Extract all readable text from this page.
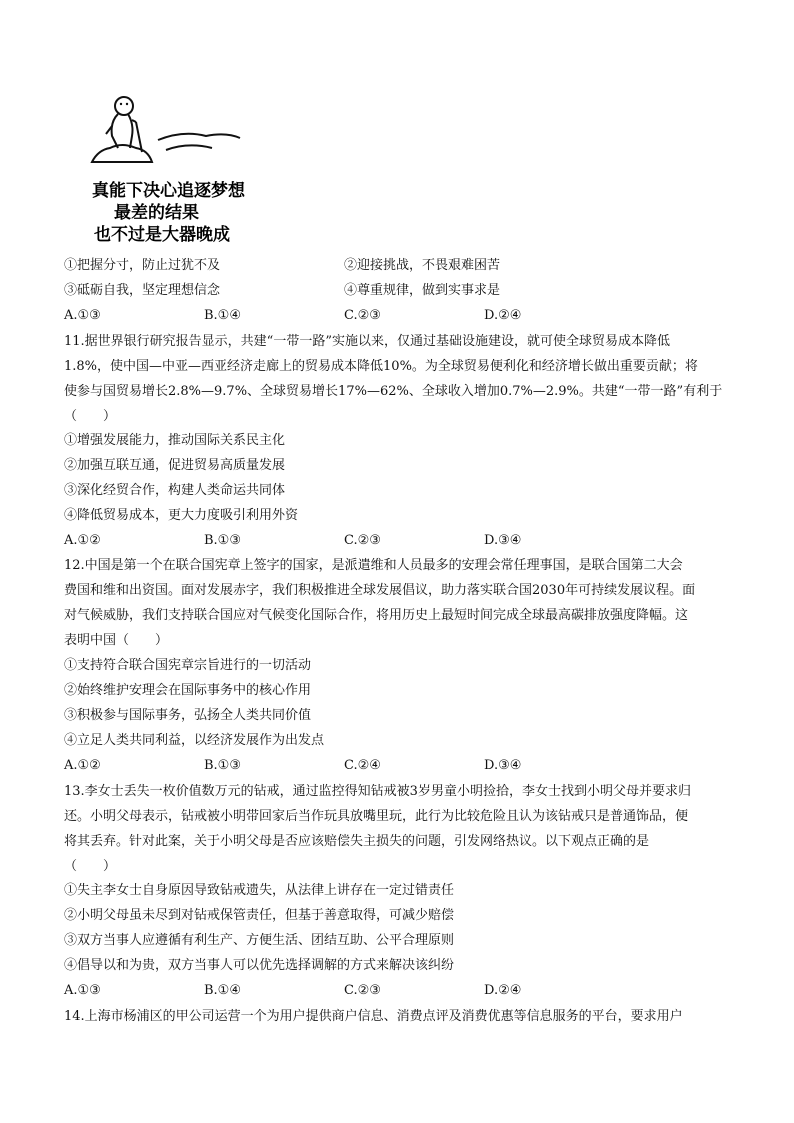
真能下决心追逐梦想
最差的结果
也不过是大器晚成
①把握分寸，防止过犹不及	②迎接挑战，不畏艰难困苦
③砥砺自我，坚定理想信念	④尊重规律，做到实事求是
A.①③	B.①④	C.②③	D.②④
11.据世界银行研究报告显示，共建“一带一路”实施以来，仅通过基础设施建设，就可使全球贸易成本降低
1.8%，使中国—中亚—西亚经济走廊上的贸易成本降低10%。为全球贸易便利化和经济增长做出重要贡献；将
使参与国贸易增长2.8%—9.7%、全球贸易增长17%—62%、全球收入增加0.7%—2.9%。共建“一带一路”有利于
（　　）
①增强发展能力，推动国际关系民主化
②加强互联互通，促进贸易高质量发展
③深化经贸合作，构建人类命运共同体
④降低贸易成本，更大力度吸引利用外资
A.①②	B.①③	C.②③	D.③④
12.中国是第一个在联合国宪章上签字的国家，是派遣维和人员最多的安理会常任理事国，是联合国第二大会
费国和维和出资国。面对发展赤字，我们积极推进全球发展倡议，助力落实联合国2030年可持续发展议程。面
对气候威胁，我们支持联合国应对气候变化国际合作，将用历史上最短时间完成全球最高碳排放强度降幅。这
表明中国（　　）
①支持符合联合国宪章宗旨进行的一切活动
②始终维护安理会在国际事务中的核心作用
③积极参与国际事务，弘扬全人类共同价值
④立足人类共同利益，以经济发展作为出发点
A.①②	B.①③	C.②④	D.③④
13.李女士丢失一枚价值数万元的钻戒，通过监控得知钻戒被3岁男童小明捡拾，李女士找到小明父母并要求归
还。小明父母表示，钻戒被小明带回家后当作玩具放嘴里玩，此行为比较危险且认为该钻戒只是普通饰品，便
将其丢弃。针对此案，关于小明父母是否应该赔偿失主损失的问题，引发网络热议。以下观点正确的是
（　　）
①失主李女士自身原因导致钻戒遗失，从法律上讲存在一定过错责任
②小明父母虽未尽到对钻戒保管责任，但基于善意取得，可减少赔偿
③双方当事人应遵循有利生产、方便生活、团结互助、公平合理原则
④倡导以和为贵，双方当事人可以优先选择调解的方式来解决该纠纷
A.①③	B.①④	C.②③	D.②④
14.上海市杨浦区的甲公司运营一个为用户提供商户信息、消费点评及消费优惠等信息服务的平台，要求用户
